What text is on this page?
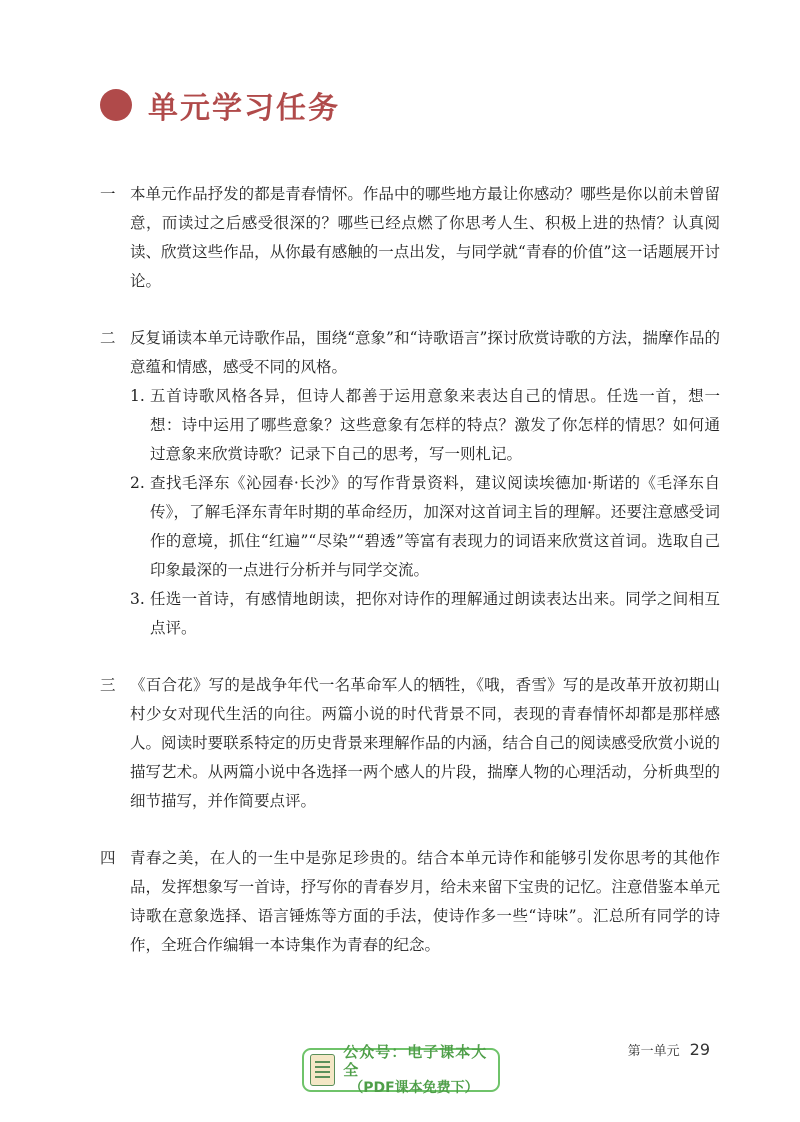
单元学习任务
一 本单元作品抒发的都是青春情怀。作品中的哪些地方最让你感动？哪些是你以前未曾留意，而读过之后感受很深的？哪些已经点燃了你思考人生、积极上进的热情？认真阅读、欣赏这些作品，从你最有感触的一点出发，与同学就“青春的价值”这一话题展开讨论。
二 反复诵读本单元诗歌作品，围绕“意象”和“诗歌语言”探讨欣赏诗歌的方法，揣摩作品的意蕴和情感，感受不同的风格。
1. 五首诗歌风格各异，但诗人都善于运用意象来表达自己的情思。任选一首，想一想：诗中运用了哪些意象？这些意象有怎样的特点？激发了你怎样的情思？如何通过意象来欣赏诗歌？记录下自己的思考，写一则札记。
2. 查找毛泽东《沁园春·长沙》的写作背景资料，建议阅读埃德加·斯诺的《毛泽东自传》，了解毛泽东青年时期的革命经历，加深对这首词主旨的理解。还要注意感受词作的意境，抓住“红遍”“尽染”“碧透”等富有表现力的词语来欣赏这首词。选取自己印象最深的一点进行分析并与同学交流。
3. 任选一首诗，有感情地朗读，把你对诗作的理解通过朗读表达出来。同学之间相互点评。
三 《百合花》写的是战争年代一名革命军人的牺牲，《哦，香雪》写的是改革开放初期山村少女对现代生活的向往。两篇小说的时代背景不同，表现的青春情怀却都是那样感人。阅读时要联系特定的历史背景来理解作品的内涵，结合自己的阅读感受欣赏小说的描写艺术。从两篇小说中各选择一两个感人的片段，揣摩人物的心理活动，分析典型的细节描写，并作简要点评。
四 青春之美，在人的一生中是弥足珍贵的。结合本单元诗作和能够引发你思考的其他作品，发挥想象写一首诗，抒写你的青春岁月，给未来留下宝贵的记忆。注意借鉴本单元诗歌在意象选择、语言锤炼等方面的手法，使诗作多一些“诗味”。汇总所有同学的诗作，全班合作编辑一本诗集作为青春的纪念。
公众号：电子课本大全
（PDF课本免费下）
第一单元 29
